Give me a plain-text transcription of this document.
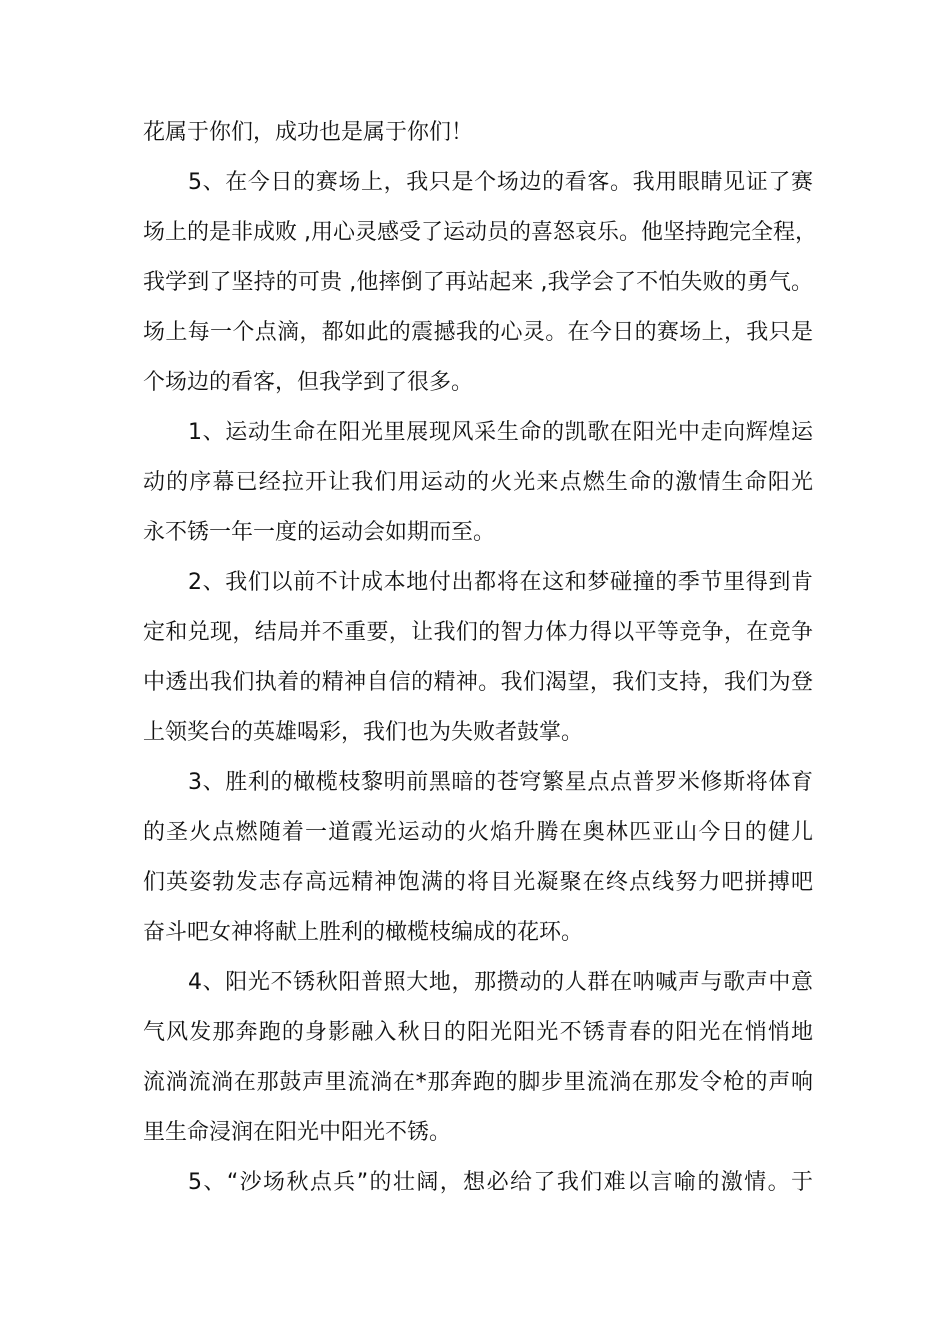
花属于你们，成功也是属于你们！
5、在今日的赛场上，我只是个场边的看客。我用眼睛见证了赛
场上的是非成败 ,用心灵感受了运动员的喜怒哀乐。他坚持跑完全程，
我学到了坚持的可贵 ,他摔倒了再站起来 ,我学会了不怕失败的勇气。
场上每一个点滴，都如此的震撼我的心灵。在今日的赛场上，我只是
个场边的看客，但我学到了很多。
1、运动生命在阳光里展现风采生命的凯歌在阳光中走向辉煌运
动的序幕已经拉开让我们用运动的火光来点燃生命的激情生命阳光
永不锈一年一度的运动会如期而至。
2、我们以前不计成本地付出都将在这和梦碰撞的季节里得到肯
定和兑现，结局并不重要，让我们的智力体力得以平等竞争，在竞争
中透出我们执着的精神自信的精神。我们渴望，我们支持，我们为登
上领奖台的英雄喝彩，我们也为失败者鼓掌。
3、胜利的橄榄枝黎明前黑暗的苍穹繁星点点普罗米修斯将体育
的圣火点燃随着一道霞光运动的火焰升腾在奥林匹亚山今日的健儿
们英姿勃发志存高远精神饱满的将目光凝聚在终点线努力吧拼搏吧
奋斗吧女神将献上胜利的橄榄枝编成的花环。
4、阳光不锈秋阳普照大地，那攒动的人群在呐喊声与歌声中意
气风发那奔跑的身影融入秋日的阳光阳光不锈青春的阳光在悄悄地
流淌流淌在那鼓声里流淌在*那奔跑的脚步里流淌在那发令枪的声响
里生命浸润在阳光中阳光不锈。
5、“沙场秋点兵”的壮阔，想必给了我们难以言喻的激情。于
